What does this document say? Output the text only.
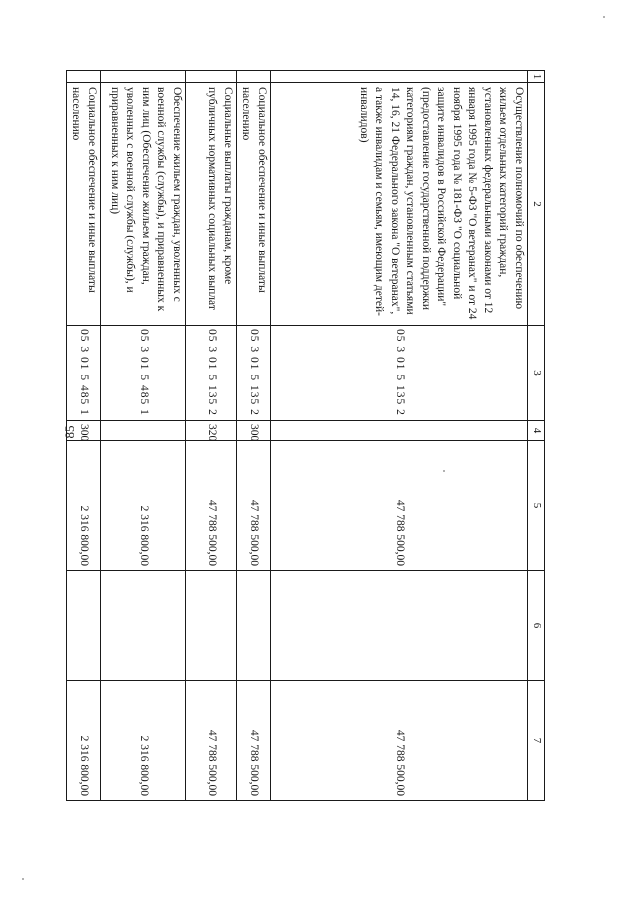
85
1	2	3	4	5	6	7
	Осуществление полномочий по обеспечению жильем отдельных категорий граждан, установленных федеральными законами от 12 января 1995 года № 5-ФЗ "О ветеранах" и от 24 ноября 1995 года № 181-ФЗ "О социальной защите инвалидов в Российской Федерации" (предоставление государственной поддержки категориям граждан, установленным статьями 14, 16, 21 Федерального закона "О ветеранах", а также инвалидам и семьям, имеющим детей-инвалидов)	05 3 01 5 135 2		47 788 500,00		47 788 500,00
	Социальное обеспечение и иные выплаты населению	05 3 01 5 135 2	300	47 788 500,00		47 788 500,00
	Социальные выплаты гражданам, кроме публичных нормативных социальных выплат	05 3 01 5 135 2	320	47 788 500,00		47 788 500,00
	Обеспечение жильем граждан, уволенных с военной службы (службы), и приравненных к ним лиц (Обеспечение жильем граждан, уволенных с военной службы (службы), и приравненных к ним лиц)	05 3 01 5 485 1		2 316 800,00		2 316 800,00
	Социальное обеспечение и иные выплаты населению	05 3 01 5 485 1	300	2 316 800,00		2 316 800,00
